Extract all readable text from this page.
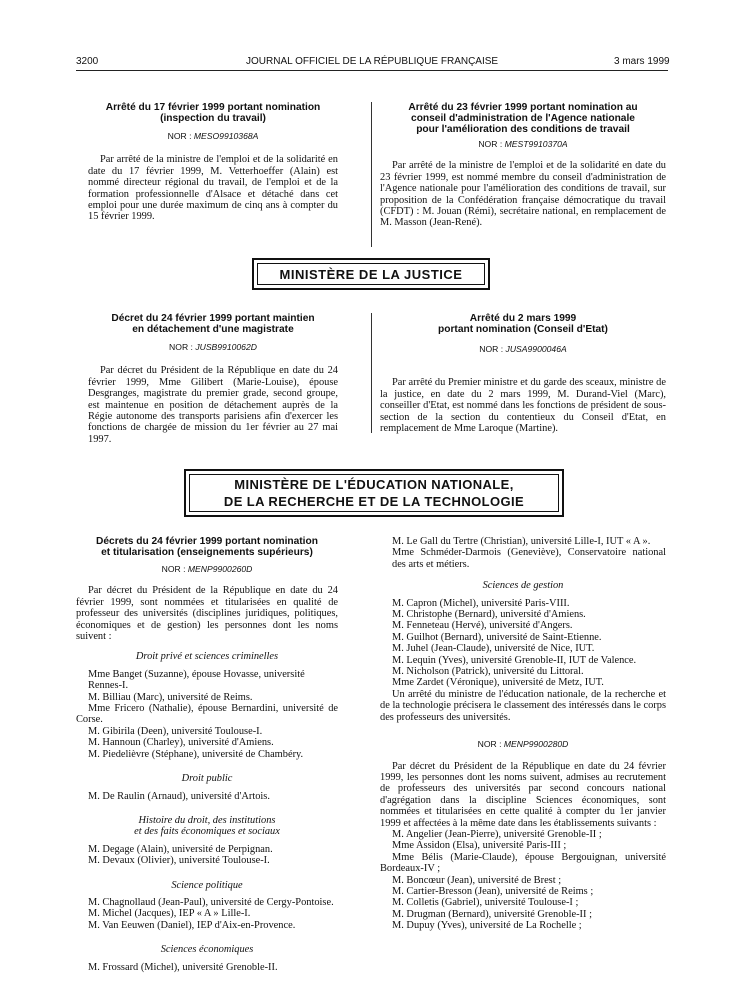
3200	JOURNAL OFFICIEL DE LA RÉPUBLIQUE FRANÇAISE	3 mars 1999
Arrêté du 17 février 1999 portant nomination
(inspection du travail)
NOR : MESO9910368A

Par arrêté de la ministre de l'emploi et de la solidarité en date du 17 février 1999, M. Vetterhoeffer (Alain) est nommé directeur régional du travail, de l'emploi et de la formation professionnelle d'Alsace et détaché dans cet emploi pour une durée maximum de cinq ans à compter du 15 février 1999.

Arrêté du 23 février 1999 portant nomination au
conseil d'administration de l'Agence nationale
pour l'amélioration des conditions de travail
NOR : MEST9910370A

Par arrêté de la ministre de l'emploi et de la solidarité en date du 23 février 1999, est nommé membre du conseil d'administration de l'Agence nationale pour l'amélioration des conditions de travail, sur proposition de la Confédération française démocratique du travail (CFDT) : M. Jouan (Rémi), secrétaire national, en remplacement de M. Masson (Jean-René).

MINISTÈRE DE LA JUSTICE
Décret du 24 février 1999 portant maintien
en détachement d'une magistrate
NOR : JUSB9910062D

Par décret du Président de la République en date du 24 février 1999, Mme Gilibert (Marie-Louise), épouse Desgranges, magistrate du premier grade, second groupe, est maintenue en position de détachement auprès de la Régie autonome des transports parisiens afin d'exercer les fonctions de chargée de mission du 1er février au 27 mai 1997.

Arrêté du 2 mars 1999
portant nomination (Conseil d'Etat)
NOR : JUSA9900046A

Par arrêté du Premier ministre et du garde des sceaux, ministre de la justice, en date du 2 mars 1999, M. Durand-Viel (Marc), conseiller d'Etat, est nommé dans les fonctions de président de sous-section de la section du contentieux du Conseil d'Etat, en remplacement de Mme Laroque (Martine).

MINISTÈRE DE L'ÉDUCATION NATIONALE,
DE LA RECHERCHE ET DE LA TECHNOLOGIE
Décrets du 24 février 1999 portant nomination
et titularisation (enseignements supérieurs)
NOR : MENP9900260D

Par décret du Président de la République en date du 24 février 1999, sont nommées et titularisées en qualité de professeur des universités (disciplines juridiques, politiques, économiques et de gestion) les personnes dont les noms suivent :

Droit privé et sciences criminelles

Mme Banget (Suzanne), épouse Hovasse, université Rennes-I.

M. Billiau (Marc), université de Reims.

Mme Fricero (Nathalie), épouse Bernardini, université de Corse.

M. Gibirila (Deen), université Toulouse-I.

M. Hannoun (Charley), université d'Amiens.

M. Piedelièvre (Stéphane), université de Chambéry.

Droit public

M. De Raulin (Arnaud), université d'Artois.

Histoire du droit, des institutions
et des faits économiques et sociaux

M. Degage (Alain), université de Perpignan.

M. Devaux (Olivier), université Toulouse-I.

Science politique

M. Chagnollaud (Jean-Paul), université de Cergy-Pontoise.

M. Michel (Jacques), IEP « A » Lille-I.

M. Van Eeuwen (Daniel), IEP d'Aix-en-Provence.

Sciences économiques

M. Frossard (Michel), université Grenoble-II.

M. Le Gall du Tertre (Christian), université Lille-I, IUT « A ».

Mme Schméder-Darmois (Geneviève), Conservatoire national des arts et métiers.

Sciences de gestion

M. Capron (Michel), université Paris-VIII.

M. Christophe (Bernard), université d'Amiens.

M. Fenneteau (Hervé), université d'Angers.

M. Guilhot (Bernard), université de Saint-Etienne.

M. Juhel (Jean-Claude), université de Nice, IUT.

M. Lequin (Yves), université Grenoble-II, IUT de Valence.

M. Nicholson (Patrick), université du Littoral.

Mme Zardet (Véronique), université de Metz, IUT.

Un arrêté du ministre de l'éducation nationale, de la recherche et de la technologie précisera le classement des intéressés dans le corps des professeurs des universités.

NOR : MENP9900280D

Par décret du Président de la République en date du 24 février 1999, les personnes dont les noms suivent, admises au recrutement de professeurs des universités par second concours national d'agrégation dans la discipline Sciences économiques, sont nommées et titularisées en cette qualité à compter du 1er janvier 1999 et affectées à la même date dans les établissements suivants :

M. Angelier (Jean-Pierre), université Grenoble-II ;

Mme Assidon (Elsa), université Paris-III ;

Mme Bélis (Marie-Claude), épouse Bergouignan, université Bordeaux-IV ;

M. Boncœur (Jean), université de Brest ;

M. Cartier-Bresson (Jean), université de Reims ;

M. Colletis (Gabriel), université Toulouse-I ;

M. Drugman (Bernard), université Grenoble-II ;

M. Dupuy (Yves), université de La Rochelle ;
